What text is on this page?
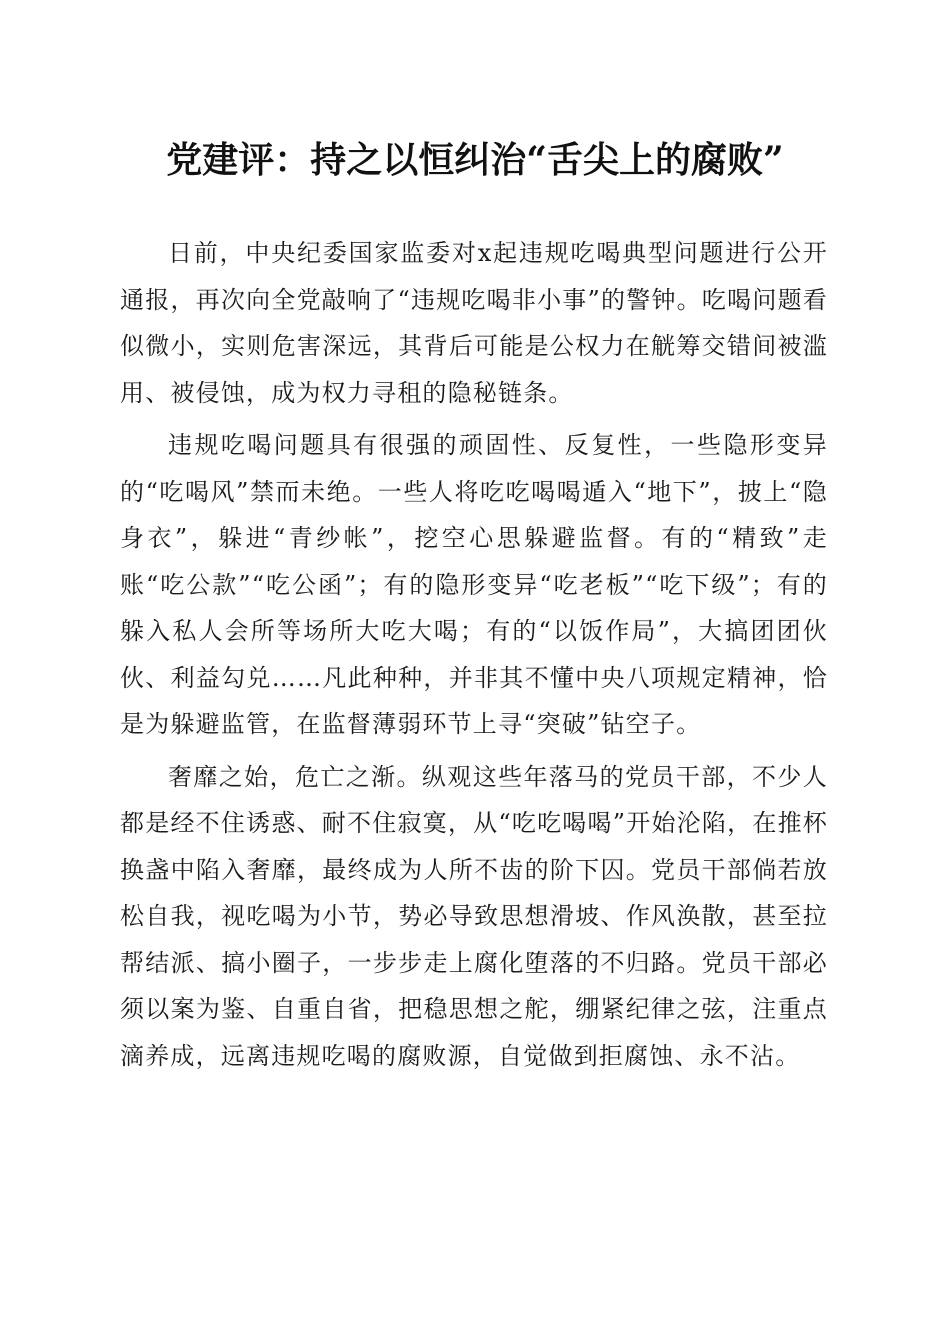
党建评：持之以恒纠治“舌尖上的腐败”

日前，中央纪委国家监委对x起违规吃喝典型问题进行公开通报，再次向全党敲响了“违规吃喝非小事”的警钟。吃喝问题看似微小，实则危害深远，其背后可能是公权力在觥筹交错间被滥用、被侵蚀，成为权力寻租的隐秘链条。

违规吃喝问题具有很强的顽固性、反复性，一些隐形变异的“吃喝风”禁而未绝。一些人将吃吃喝喝遁入“地下”，披上“隐身衣”，躲进“青纱帐”，挖空心思躲避监督。有的“精致”走账“吃公款”“吃公函”；有的隐形变异“吃老板”“吃下级”；有的躲入私人会所等场所大吃大喝；有的“以饭作局”，大搞团团伙伙、利益勾兑……凡此种种，并非其不懂中央八项规定精神，恰是为躲避监管，在监督薄弱环节上寻“突破”钻空子。

奢靡之始，危亡之渐。纵观这些年落马的党员干部，不少人都是经不住诱惑、耐不住寂寞，从“吃吃喝喝”开始沦陷，在推杯换盏中陷入奢靡，最终成为人所不齿的阶下囚。党员干部倘若放松自我，视吃喝为小节，势必导致思想滑坡、作风涣散，甚至拉帮结派、搞小圈子，一步步走上腐化堕落的不归路。党员干部必须以案为鉴、自重自省，把稳思想之舵，绷紧纪律之弦，注重点滴养成，远离违规吃喝的腐败源，自觉做到拒腐蚀、永不沾。
